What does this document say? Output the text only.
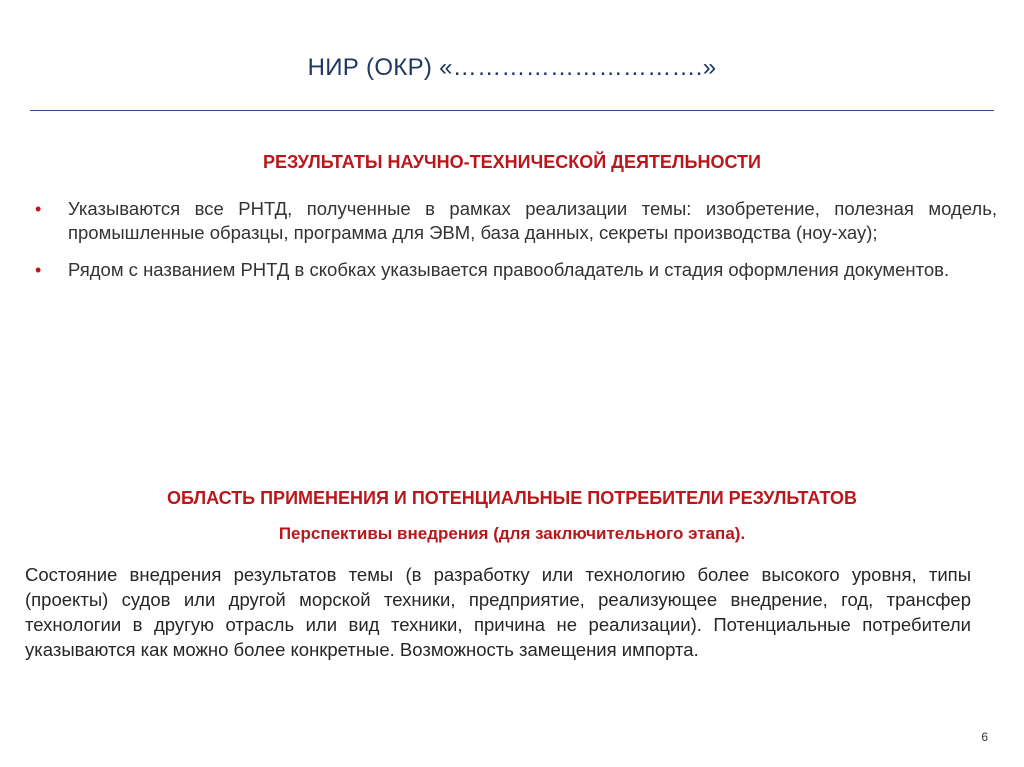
НИР (ОКР) «………………………….»
РЕЗУЛЬТАТЫ НАУЧНО-ТЕХНИЧЕСКОЙ ДЕЯТЕЛЬНОСТИ
• Указываются все РНТД, полученные в рамках реализации темы: изобретение, полезная модель, промышленные образцы, программа для ЭВМ, база данных, секреты производства (ноу-хау);
• Рядом с названием РНТД в скобках указывается правообладатель и стадия оформления документов.
ОБЛАСТЬ ПРИМЕНЕНИЯ И ПОТЕНЦИАЛЬНЫЕ ПОТРЕБИТЕЛИ РЕЗУЛЬТАТОВ
Перспективы внедрения (для заключительного этапа).

Состояние внедрения результатов темы (в разработку или технологию более высокого уровня, типы (проекты) судов или другой морской техники, предприятие, реализующее внедрение, год, трансфер технологии в другую отрасль или вид техники, причина не реализации). Потенциальные потребители указываются как можно более конкретные. Возможность замещения импорта.

6
